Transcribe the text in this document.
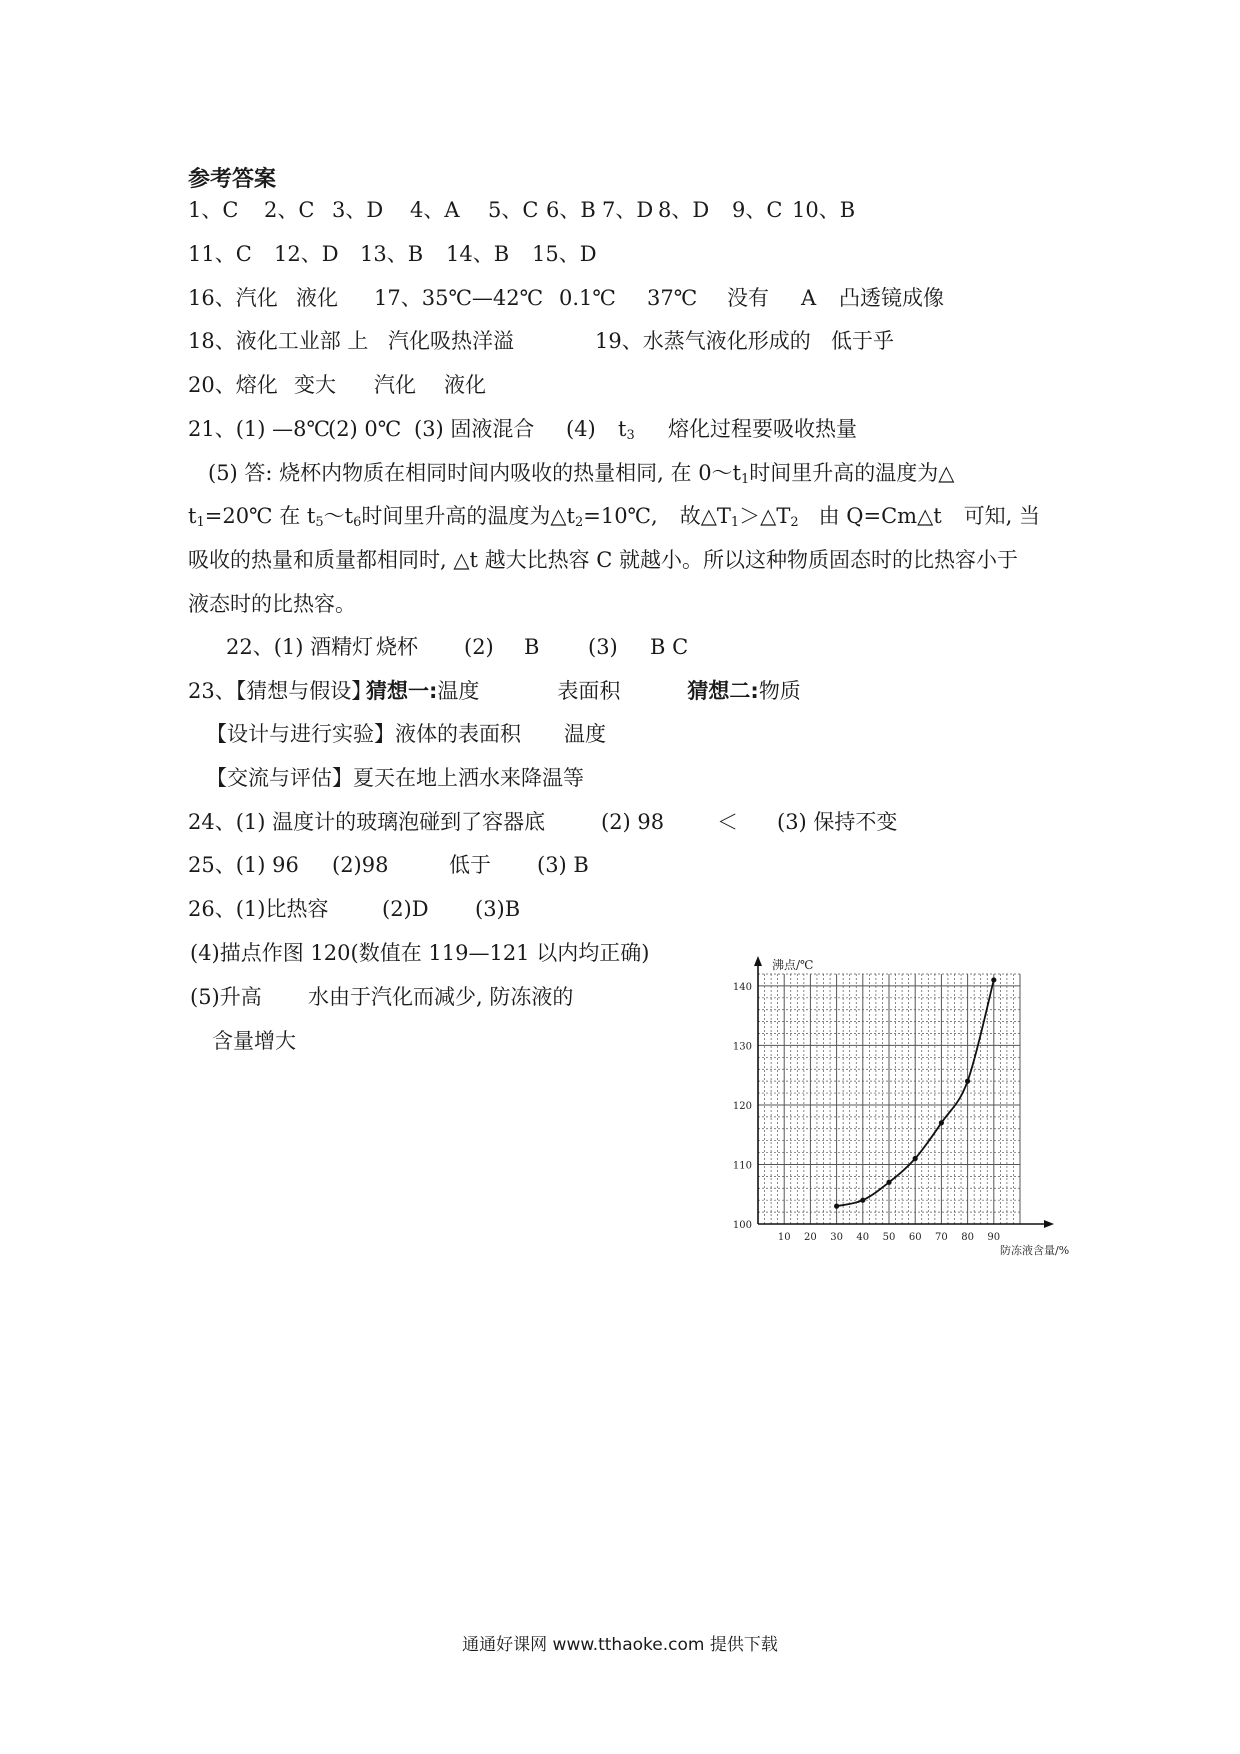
参考答案
1、C 2、C 3、D 4、A 5、C 6、B 7、D 8、D 9、C 10、B
11、C 12、D 13、B 14、B 15、D
16、汽化 液化 17、35℃—42℃ 0.1℃ 37℃ 没有 A 凸透镜成像
18、液化工业部 上 汽化吸热洋溢	19、水蒸气液化形成的 低于乎
20、熔化 变大 汽化 液化
21、(1) —8℃(2) 0℃ (3) 固液混合 (4) $t_3$ 熔化过程要吸收热量
(5) 答: 烧杯内物质在相同时间内吸收的热量相同, 在 $0\sim t_1$时间里升高的温度为△
$t_1=20℃$ 在 $t_5\sim t_6$时间里升高的温度为$\triangle t_2=10℃$, 故$\triangle T_1>\triangle T_2$ 由 Q=Cm△t 可知, 当
吸收的热量和质量都相同时, △t 越大比热容 C 就越小。所以这种物质固态时的比热容小于
液态时的比热容。
22、(1) 酒精灯 烧杯 (2) B (3) B C
23、【猜想与假设】猜想一:温度	表面积	猜想二:物质
【设计与进行实验】液体的表面积 温度
【交流与评估】夏天在地上洒水来降温等
24、(1) 温度计的玻璃泡碰到了容器底	(2) 98	＜ (3) 保持不变
25、(1) 96 (2)98	低于 (3) B
26、(1)比热容	(2)D (3)B
(4)描点作图 120(数值在 119—121 以内均正确)
(5)升高 水由于汽化而减少, 防冻液的
含量增大
10 20 30 40 50 60 70 80 90
100
110
120
130
140
沸点/℃
防冻液含量/%
通通好课网 www.tthaoke.com 提供下载
